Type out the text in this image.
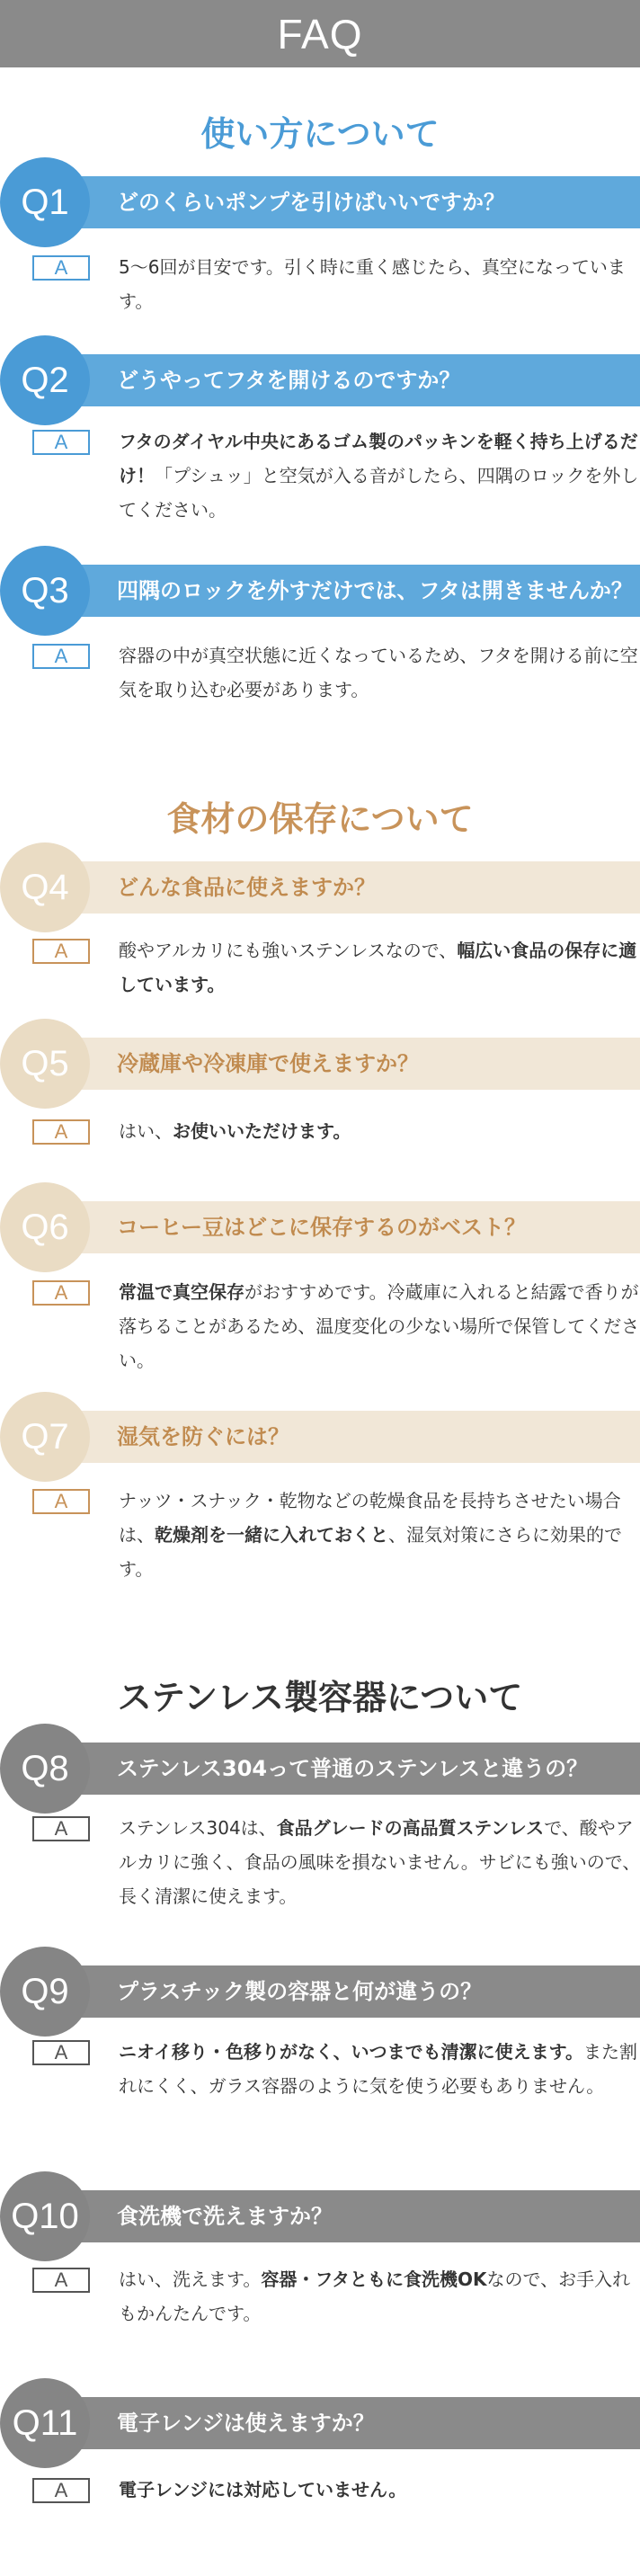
FAQ
使い方について
食材の保存について
ステンレス製容器について
Q1	どのくらいポンプを引けばいいですか？
A	5〜6回が目安です。引く時に重く感じたら、真空になっています。
Q2	どうやってフタを開けるのですか？
A	フタのダイヤル中央にあるゴム製のパッキンを軽く持ち上げるだけ！「プシュッ」と空気が入る音がしたら、四隅のロックを外してください。
Q3	四隅のロックを外すだけでは、フタは開きませんか？
A	容器の中が真空状態に近くなっているため、フタを開ける前に空気を取り込む必要があります。
Q4	どんな食品に使えますか？
A	酸やアルカリにも強いステンレスなので、幅広い食品の保存に適しています。
Q5	冷蔵庫や冷凍庫で使えますか？
A	はい、お使いいただけます。
Q6	コーヒー豆はどこに保存するのがベスト？
A	常温で真空保存がおすすめです。冷蔵庫に入れると結露で香りが落ちることがあるため、温度変化の少ない場所で保管してください。
Q7	湿気を防ぐには？
A	ナッツ・スナック・乾物などの乾燥食品を長持ちさせたい場合は、乾燥剤を一緒に入れておくと、湿気対策にさらに効果的です。
Q8	ステンレス304って普通のステンレスと違うの？
A	ステンレス304は、食品グレードの高品質ステンレスで、酸やアルカリに強く、食品の風味を損ないません。サビにも強いので、長く清潔に使えます。
Q9	プラスチック製の容器と何が違うの？
A	ニオイ移り・色移りがなく、いつまでも清潔に使えます。また割れにくく、ガラス容器のように気を使う必要もありません。
Q10	食洗機で洗えますか？
A	はい、洗えます。容器・フタともに食洗機OKなので、お手入れもかんたんです。
Q11	電子レンジは使えますか？
A	電子レンジには対応していません。
